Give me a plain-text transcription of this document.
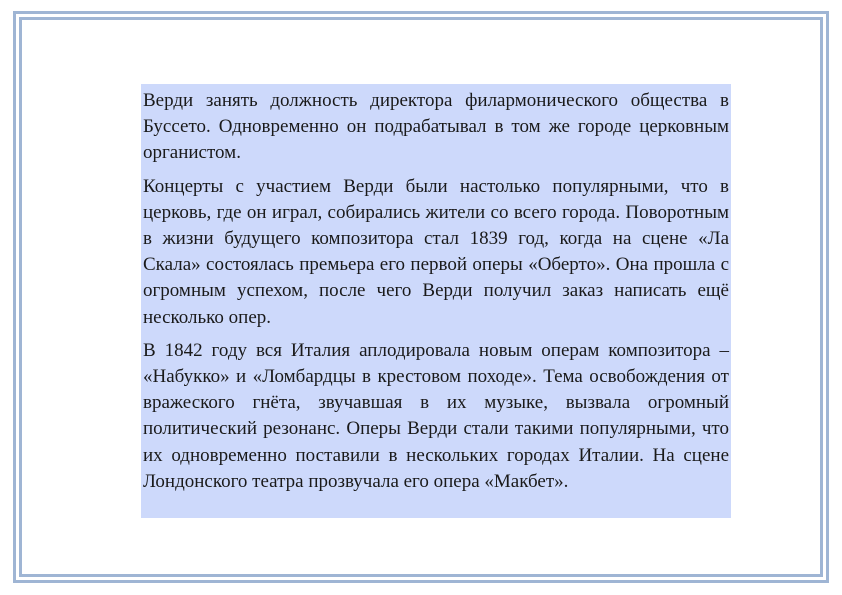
Верди занять должность директора филармонического общества в Буссето. Одновременно он подрабатывал в том же городе церковным органистом.

Концерты с участием Верди были настолько популярными, что в церковь, где он играл, собирались жители со всего города. Поворотным в жизни будущего композитора стал 1839 год, когда на сцене «Ла Скала» состоялась премьера его первой оперы «Оберто». Она прошла с огромным успехом, после чего Верди получил заказ написать ещё несколько опер.

В 1842 году вся Италия аплодировала новым операм композитора – «Набукко» и «Ломбардцы в крестовом походе». Тема освобождения от вражеского гнёта, звучавшая в их музыке, вызвала огромный политический резонанс. Оперы Верди стали такими популярными, что их одновременно поставили в нескольких городах Италии. На сцене Лондонского театра прозвучала его опера «Макбет».
